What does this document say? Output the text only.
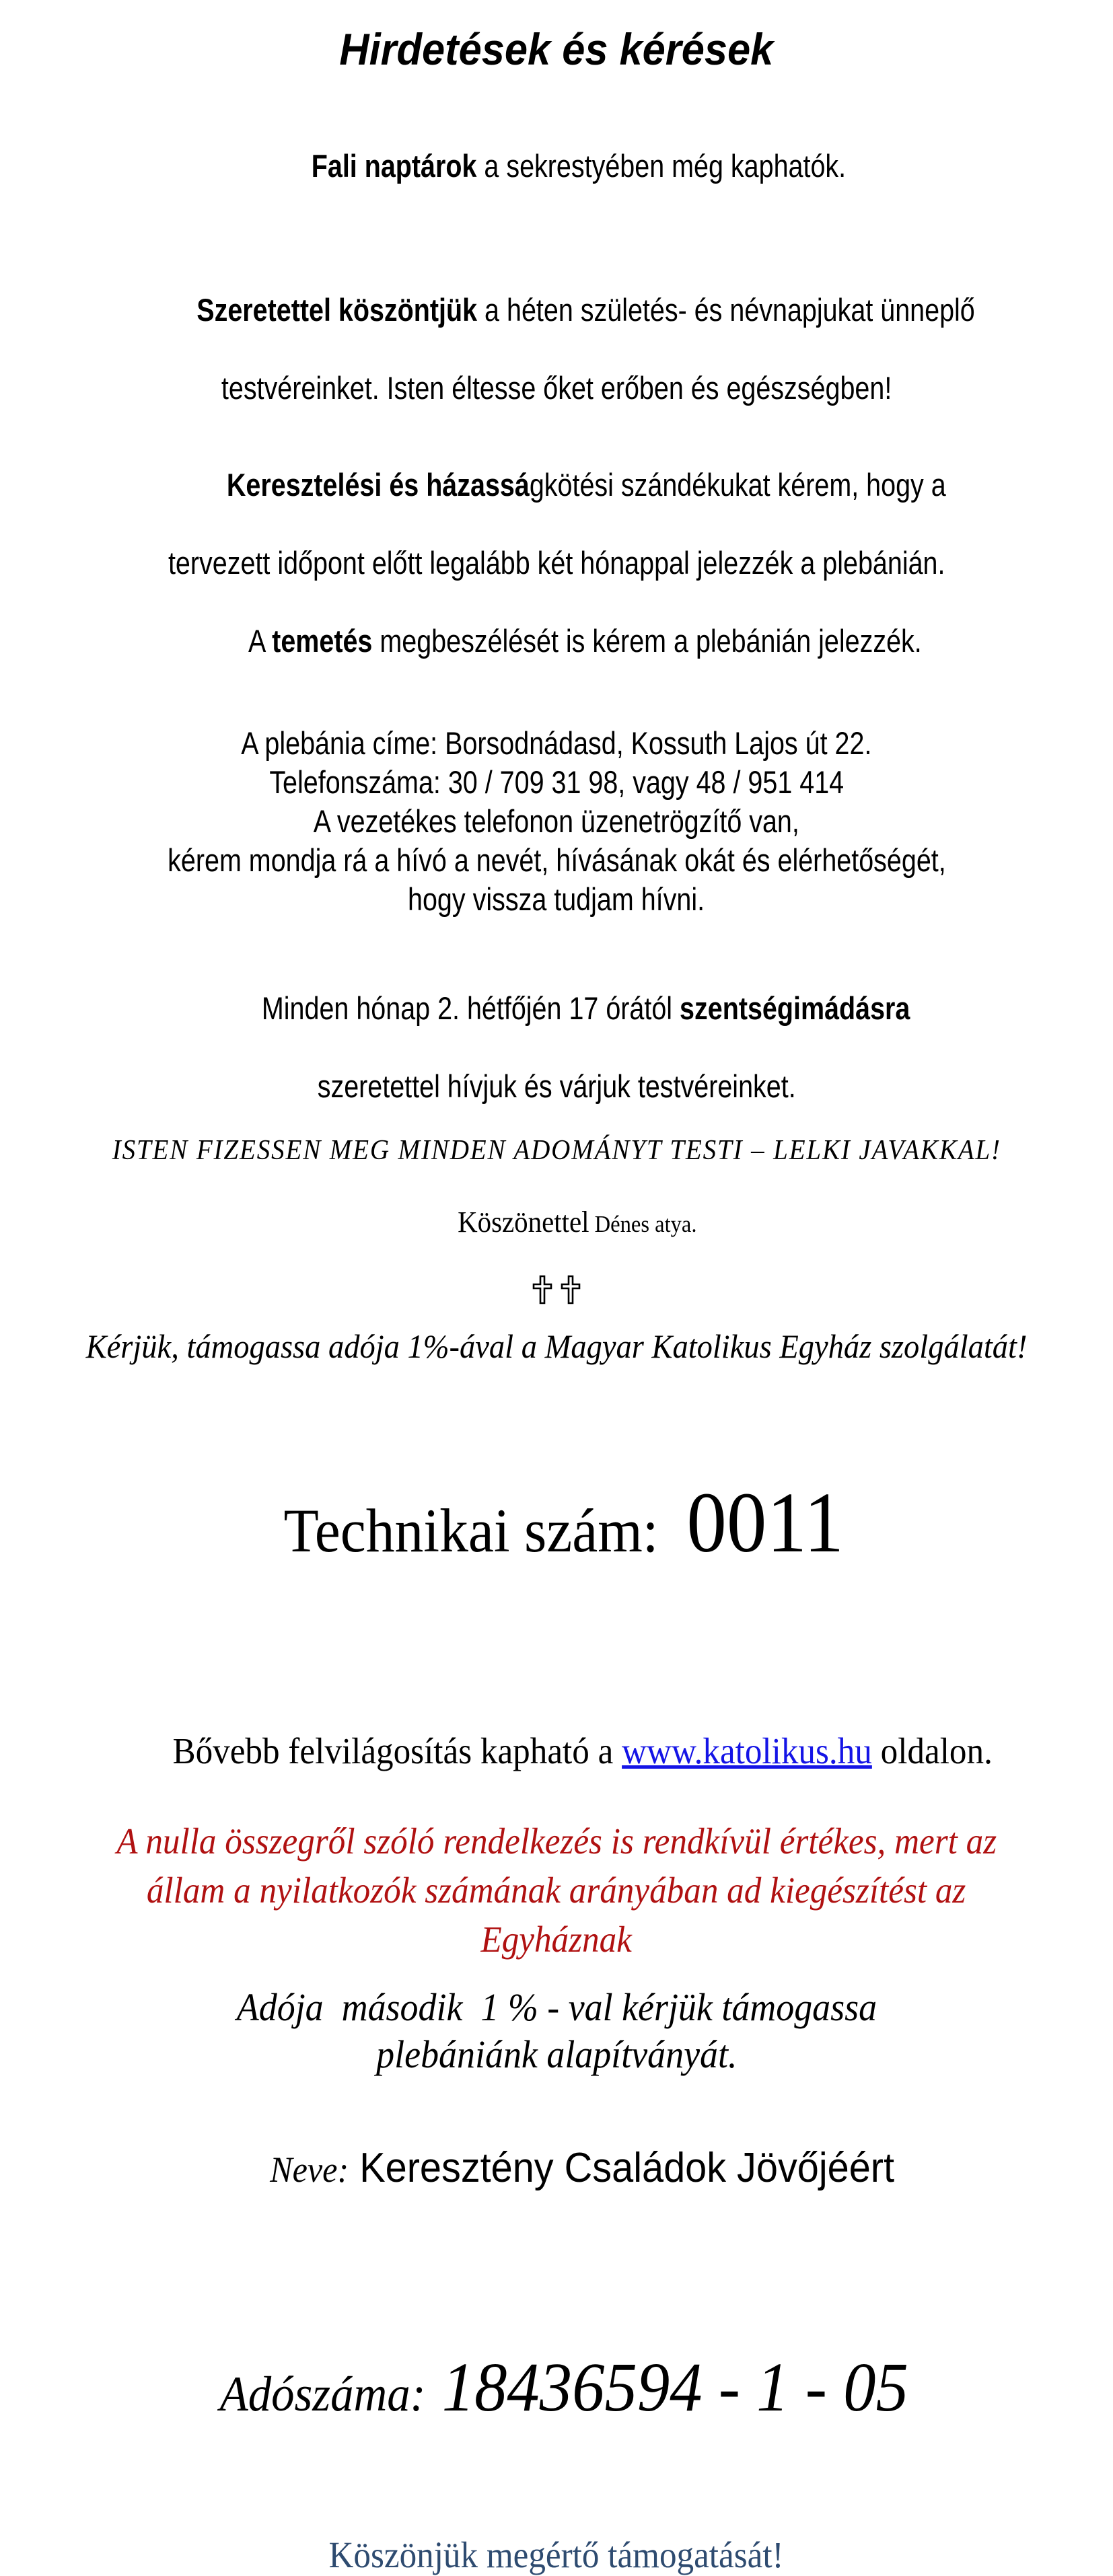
Hirdetések és kérések

Fali naptárok a sekrestyében még kaphatók.

Szeretettel köszöntjük a héten születés- és névnapjukat ünneplő

testvéreinket. Isten éltesse őket erőben és egészségben!

Keresztelési és házasságkötési szándékukat kérem, hogy a

tervezett időpont előtt legalább két hónappal jelezzék a plebánián.

A temetés megbeszélését is kérem a plebánián jelezzék.

A plebánia címe: Borsodnádasd, Kossuth Lajos út 22.
Telefonszáma: 30 / 709 31 98, vagy 48 / 951 414
A vezetékes telefonon üzenetrögzítő van,
kérem mondja rá a hívó a nevét, hívásának okát és elérhetőségét,
hogy vissza tudjam hívni.

Minden hónap 2. hétfőjén 17 órától szentségimádásra

szeretettel hívjuk és várjuk testvéreinket.
ISTEN FIZESSEN MEG MINDEN ADOMÁNYT TESTI – LELKI JAVAKKAL!

Köszönettel Dénes atya.

Kérjük, támogassa adója 1%-ával a Magyar Katolikus Egyház szolgálatát!

Technikai szám: 0011

Bővebb felvilágosítás kapható a www.katolikus.hu oldalon.

A nulla összegről szóló rendelkezés is rendkívül értékes, mert az
állam a nyilatkozók számának arányában ad kiegészítést az
Egyháznak
Adója  második  1 % - val kérjük támogassa
plebániánk alapítványát.

Neve: Keresztény Családok Jövőjéért

Adószáma: 18436594 - 1 - 05

Köszönjük megértő támogatását!
